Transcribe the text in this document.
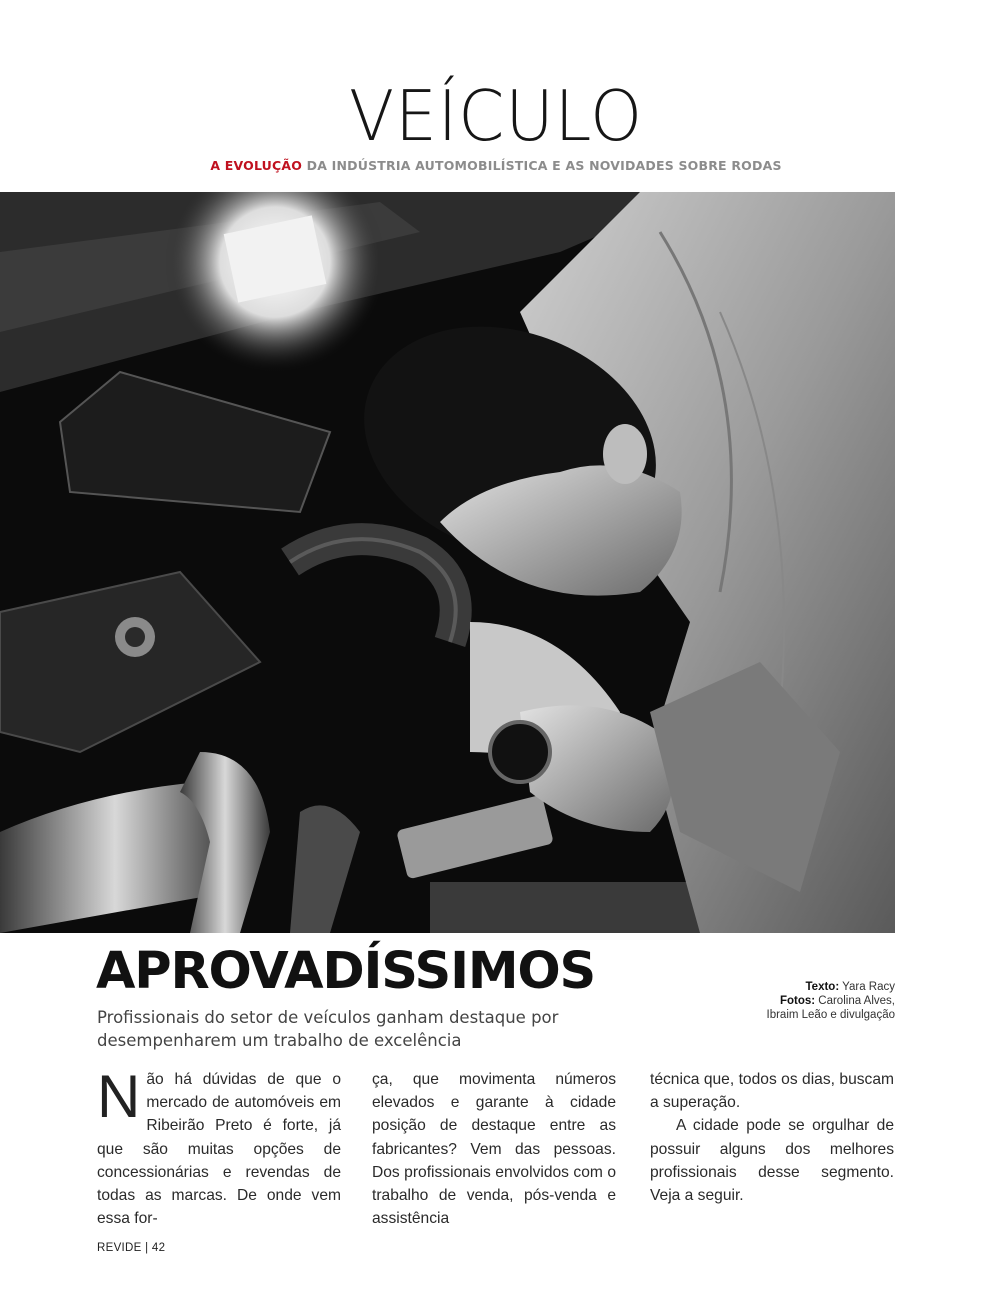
VEÍCULO
A EVOLUÇÃO DA INDÚSTRIA AUTOMOBILÍSTICA E AS NOVIDADES SOBRE RODAS
APROVADÍSSIMOS	Texto: Yara Racy
Fotos: Carolina Alves,
Ibraim Leão e divulgação
Profissionais do setor de veículos ganham destaque por desempenharem um trabalho de excelência

Não há dúvidas de que o mercado de automóveis em Ribeirão Preto é forte, já que são muitas opções de concessionárias e revendas de todas as marcas. De onde vem essa for-

ça, que movimenta números elevados e garante à cidade posição de destaque entre as fabricantes? Vem das pessoas. Dos profissionais envolvidos com o trabalho de venda, pós-venda e assistência

técnica que, todos os dias, buscam a superação.

A cidade pode se orgulhar de possuir alguns dos melhores profissionais desse segmento. Veja a seguir.

REVIDE | 42
